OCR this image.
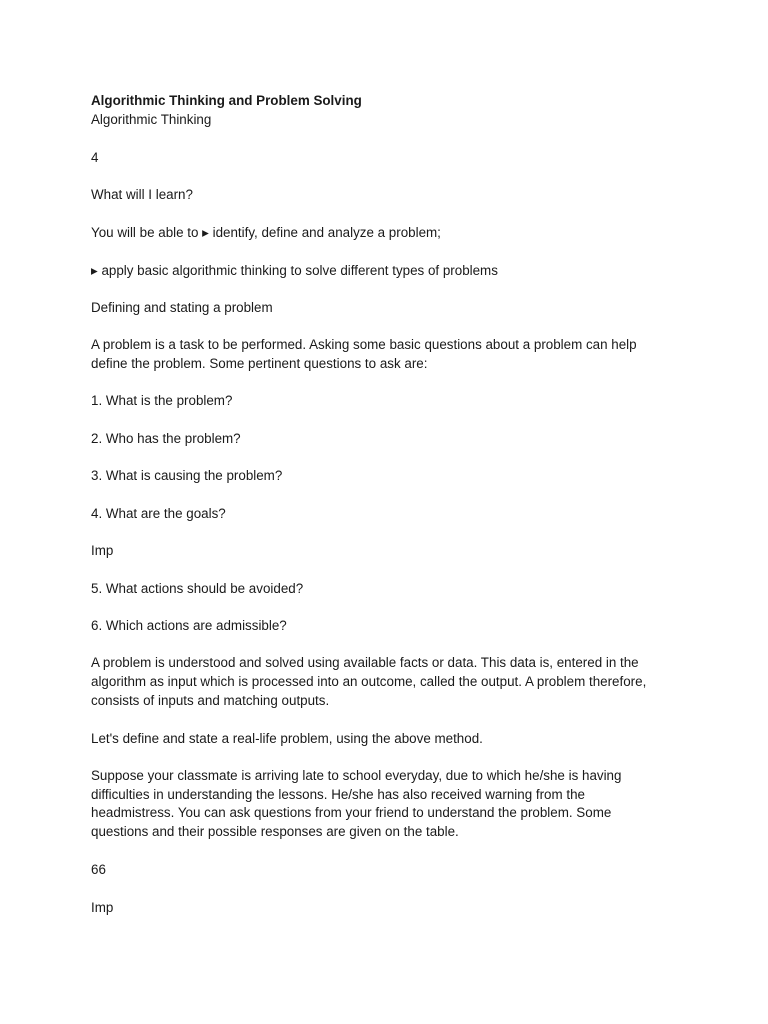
Algorithmic Thinking and Problem Solving

Algorithmic Thinking

4

What will I learn?

You will be able to ▸ identify, define and analyze a problem;

▸ apply basic algorithmic thinking to solve different types of problems

Defining and stating a problem

A problem is a task to be performed. Asking some basic questions about a problem can help

define the problem. Some pertinent questions to ask are:

1. What is the problem?

2. Who has the problem?

3. What is causing the problem?

4. What are the goals?

Imp

5. What actions should be avoided?

6. Which actions are admissible?

A problem is understood and solved using available facts or data. This data is, entered in the

algorithm as input which is processed into an outcome, called the output. A problem therefore,

consists of inputs and matching outputs.

Let's define and state a real-life problem, using the above method.

Suppose your classmate is arriving late to school everyday, due to which he/she is having

difficulties in understanding the lessons. He/she has also received warning from the

headmistress. You can ask questions from your friend to understand the problem. Some

questions and their possible responses are given on the table.

66

Imp
